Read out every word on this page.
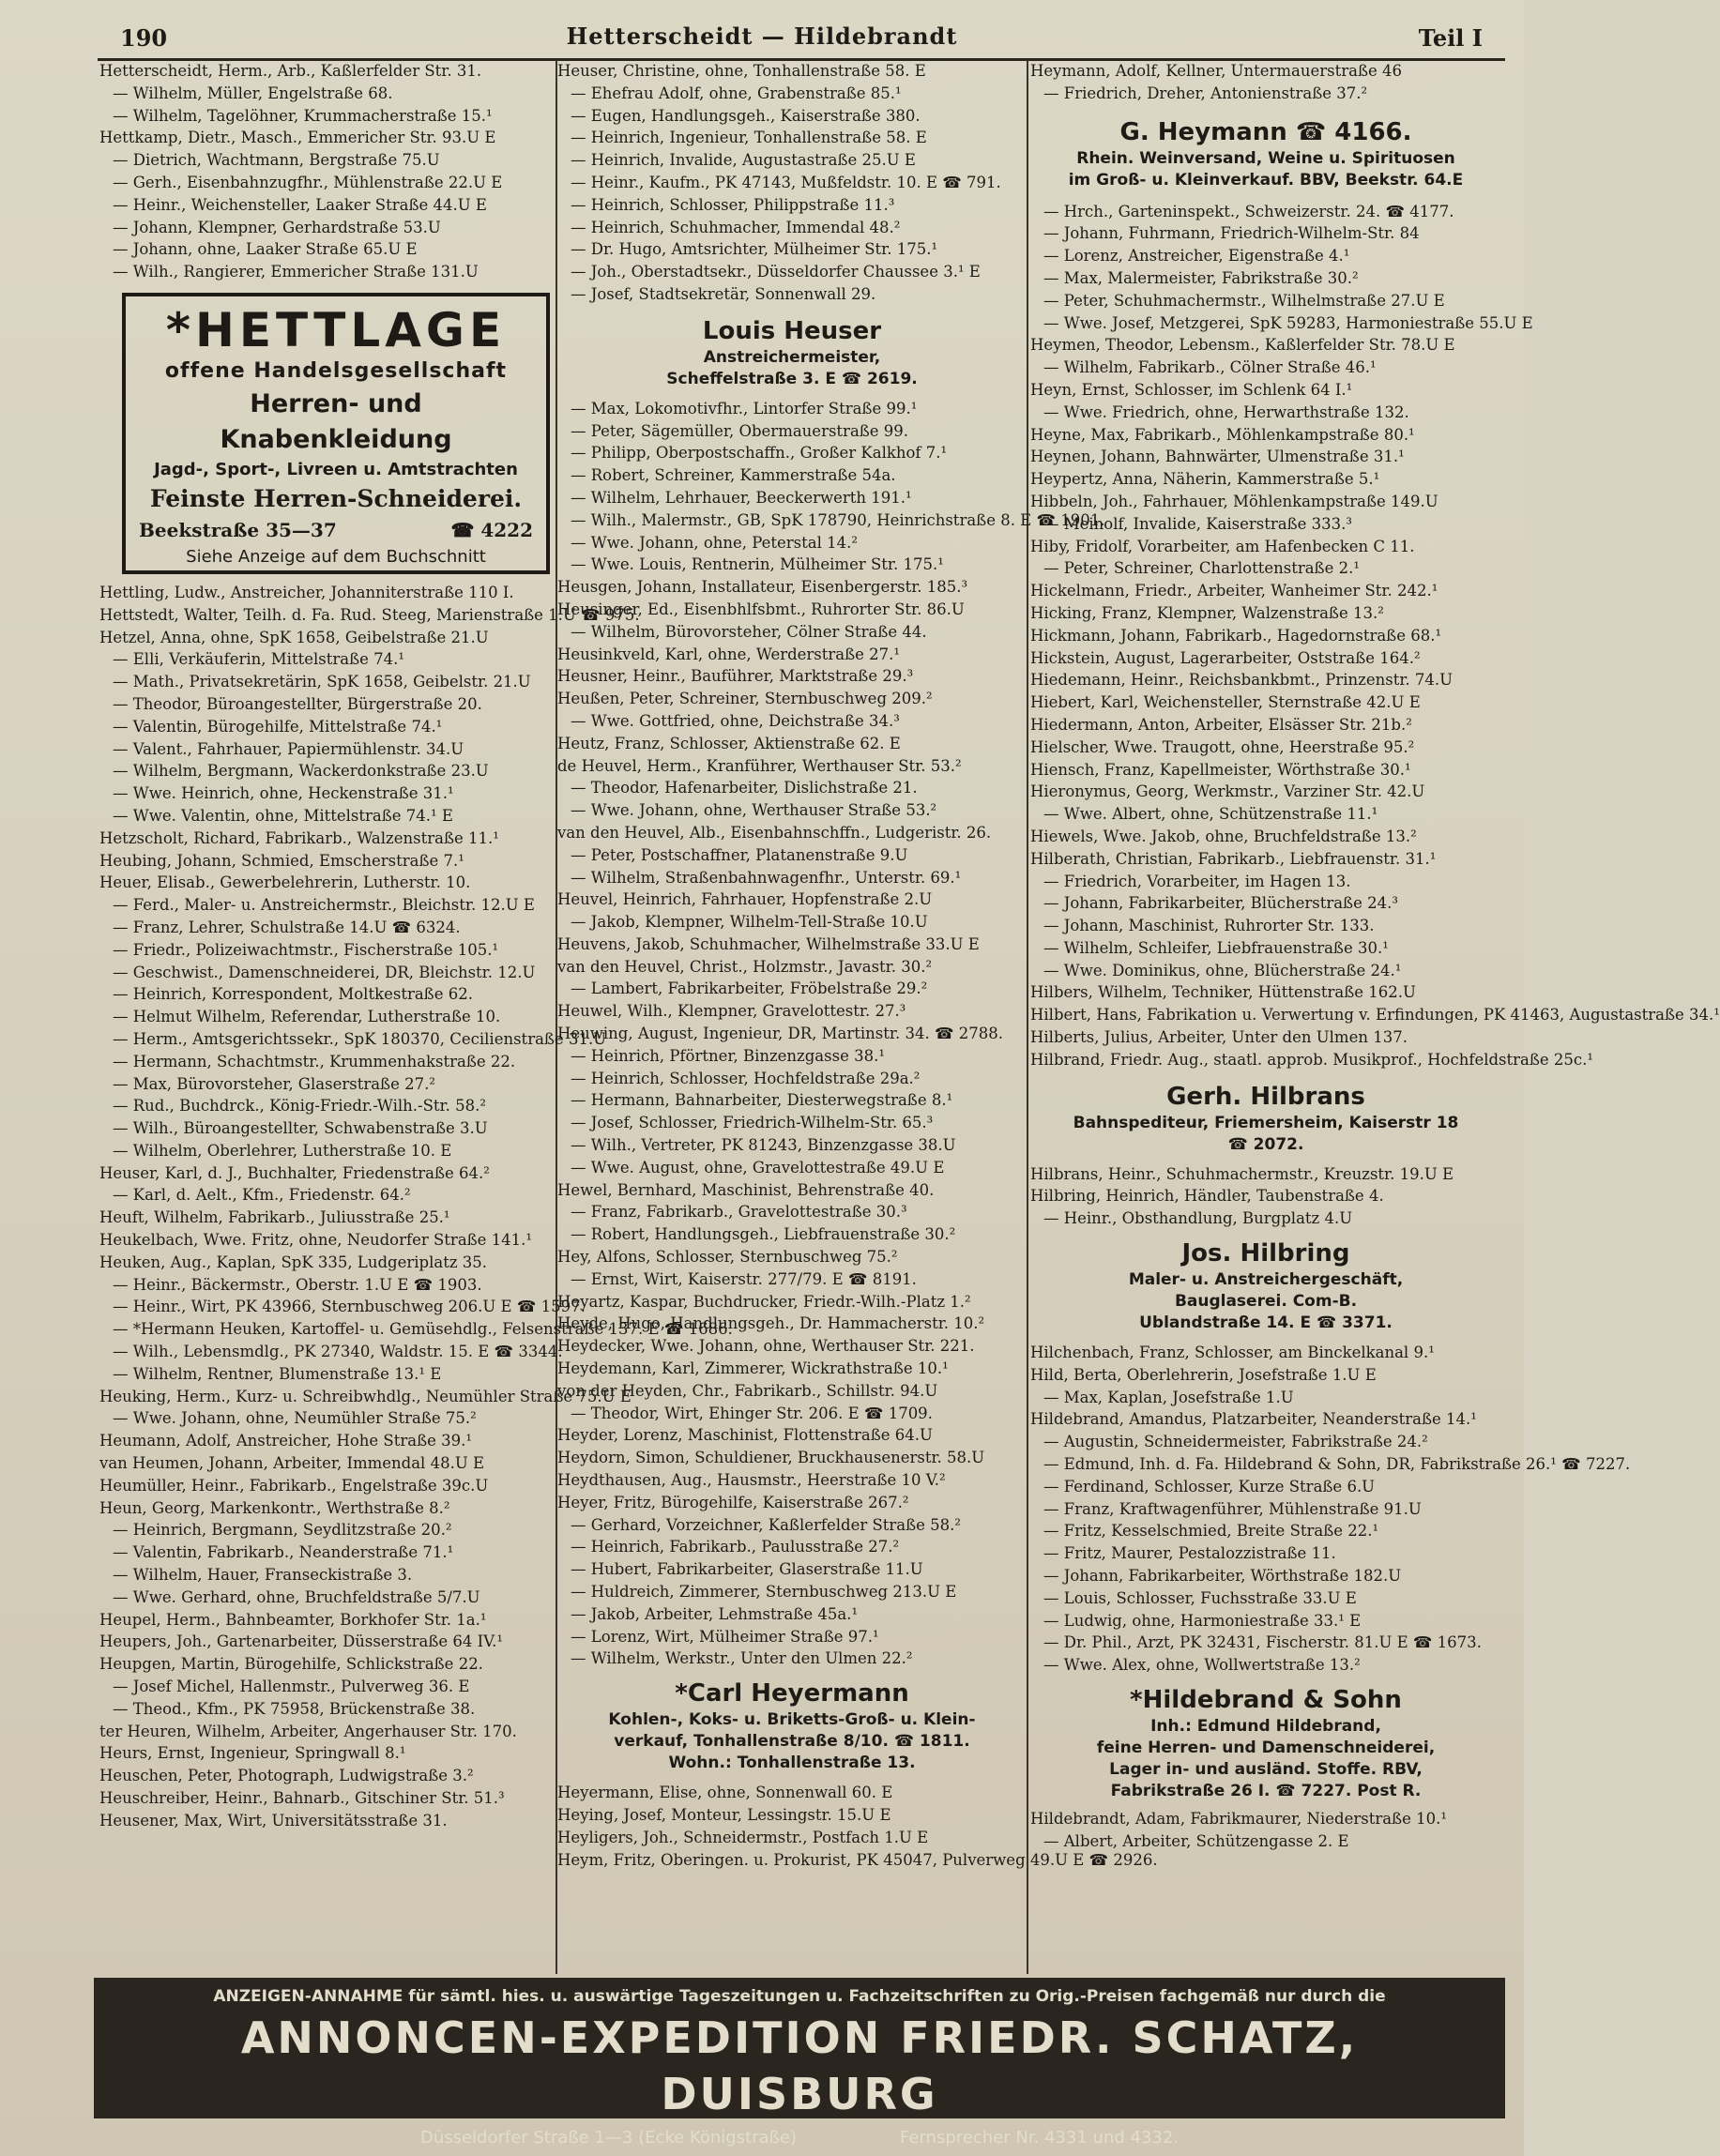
190	Hetterscheidt — Hildebrandt	Teil I
Hetterscheidt, Herm., Arb., Kaßlerfelder Str. 31.
— Wilhelm, Müller, Engelstraße 68.
— Wilhelm, Tagelöhner, Krummacherstraße 15.¹
Hettkamp, Dietr., Masch., Emmericher Str. 93.U E
— Dietrich, Wachtmann, Bergstraße 75.U
— Gerh., Eisenbahnzugfhr., Mühlenstraße 22.U E
— Heinr., Weichensteller, Laaker Straße 44.U E
— Johann, Klempner, Gerhardstraße 53.U
— Johann, ohne, Laaker Straße 65.U E
— Wilh., Rangierer, Emmericher Straße 131.U
*HETTLAGE
offene Handelsgesellschaft
Herren- und Knabenkleidung
Jagd-, Sport-, Livreen u. Amtstrachten
Feinste Herren-Schneiderei.
Beekstraße 35—37	☎ 4222
Siehe Anzeige auf dem Buchschnitt
Hettling, Ludw., Anstreicher, Johanniterstraße 110 I.
Hettstedt, Walter, Teilh. d. Fa. Rud. Steeg, Marienstraße 1.U ☎ 975.
Hetzel, Anna, ohne, SpK 1658, Geibelstraße 21.U
— Elli, Verkäuferin, Mittelstraße 74.¹
— Math., Privatsekretärin, SpK 1658, Geibelstr. 21.U
— Theodor, Büroangestellter, Bürgerstraße 20.
— Valentin, Bürogehilfe, Mittelstraße 74.¹
— Valent., Fahrhauer, Papiermühlenstr. 34.U
— Wilhelm, Bergmann, Wackerdonkstraße 23.U
— Wwe. Heinrich, ohne, Heckenstraße 31.¹
— Wwe. Valentin, ohne, Mittelstraße 74.¹ E
Hetzscholt, Richard, Fabrikarb., Walzenstraße 11.¹
Heubing, Johann, Schmied, Emscherstraße 7.¹
Heuer, Elisab., Gewerbelehrerin, Lutherstr. 10.
— Ferd., Maler- u. Anstreichermstr., Bleichstr. 12.U E
— Franz, Lehrer, Schulstraße 14.U ☎ 6324.
— Friedr., Polizeiwachtmstr., Fischerstraße 105.¹
— Geschwist., Damenschneiderei, DR, Bleichstr. 12.U
— Heinrich, Korrespondent, Moltkestraße 62.
— Helmut Wilhelm, Referendar, Lutherstraße 10.
— Herm., Amtsgerichtssekr., SpK 180370, Cecilienstraße 31.U
— Hermann, Schachtmstr., Krummenhakstraße 22.
— Max, Bürovorsteher, Glaserstraße 27.²
— Rud., Buchdrck., König-Friedr.-Wilh.-Str. 58.²
— Wilh., Büroangestellter, Schwabenstraße 3.U
— Wilhelm, Oberlehrer, Lutherstraße 10. E
Heuser, Karl, d. J., Buchhalter, Friedenstraße 64.²
— Karl, d. Aelt., Kfm., Friedenstr. 64.²
Heuft, Wilhelm, Fabrikarb., Juliusstraße 25.¹
Heukelbach, Wwe. Fritz, ohne, Neudorfer Straße 141.¹
Heuken, Aug., Kaplan, SpK 335, Ludgeriplatz 35.
— Heinr., Bäckermstr., Oberstr. 1.U E ☎ 1903.
— Heinr., Wirt, PK 43966, Sternbuschweg 206.U E ☎ 1597.
— *Hermann Heuken, Kartoffel- u. Gemüsehdlg., Felsenstraße 137. E ☎ 1686.
— Wilh., Lebensmdlg., PK 27340, Waldstr. 15. E ☎ 3344.
— Wilhelm, Rentner, Blumenstraße 13.¹ E
Heuking, Herm., Kurz- u. Schreibwhdlg., Neumühler Straße 75.U E
— Wwe. Johann, ohne, Neumühler Straße 75.²
Heumann, Adolf, Anstreicher, Hohe Straße 39.¹
van Heumen, Johann, Arbeiter, Immendal 48.U E
Heumüller, Heinr., Fabrikarb., Engelstraße 39c.U
Heun, Georg, Markenkontr., Werthstraße 8.²
— Heinrich, Bergmann, Seydlitzstraße 20.²
— Valentin, Fabrikarb., Neanderstraße 71.¹
— Wilhelm, Hauer, Franseckistraße 3.
— Wwe. Gerhard, ohne, Bruchfeldstraße 5/7.U
Heupel, Herm., Bahnbeamter, Borkhofer Str. 1a.¹
Heupers, Joh., Gartenarbeiter, Düsserstraße 64 IV.¹
Heupgen, Martin, Bürogehilfe, Schlickstraße 22.
— Josef Michel, Hallenmstr., Pulverweg 36. E
— Theod., Kfm., PK 75958, Brückenstraße 38.
ter Heuren, Wilhelm, Arbeiter, Angerhauser Str. 170.
Heurs, Ernst, Ingenieur, Springwall 8.¹
Heuschen, Peter, Photograph, Ludwigstraße 3.²
Heuschreiber, Heinr., Bahnarb., Gitschiner Str. 51.³
Heusener, Max, Wirt, Universitätsstraße 31.
Heuser, Christine, ohne, Tonhallenstraße 58. E
— Ehefrau Adolf, ohne, Grabenstraße 85.¹
— Eugen, Handlungsgeh., Kaiserstraße 380.
— Heinrich, Ingenieur, Tonhallenstraße 58. E
— Heinrich, Invalide, Augustastraße 25.U E
— Heinr., Kaufm., PK 47143, Mußfeldstr. 10. E ☎ 791.
— Heinrich, Schlosser, Philippstraße 11.³
— Heinrich, Schuhmacher, Immendal 48.²
— Dr. Hugo, Amtsrichter, Mülheimer Str. 175.¹
— Joh., Oberstadtsekr., Düsseldorfer Chaussee 3.¹ E
— Josef, Stadtsekretär, Sonnenwall 29.
Louis Heuser
Anstreichermeister,
Scheffelstraße 3. E ☎ 2619.
— Max, Lokomotivfhr., Lintorfer Straße 99.¹
— Peter, Sägemüller, Obermauerstraße 99.
— Philipp, Oberpostschaffn., Großer Kalkhof 7.¹
— Robert, Schreiner, Kammerstraße 54a.
— Wilhelm, Lehrhauer, Beeckerwerth 191.¹
— Wilh., Malermstr., GB, SpK 178790, Heinrichstraße 8. E ☎ 1901.
— Wwe. Johann, ohne, Peterstal 14.²
— Wwe. Louis, Rentnerin, Mülheimer Str. 175.¹
Heusgen, Johann, Installateur, Eisenbergerstr. 185.³
Heusinger, Ed., Eisenbhlfsbmt., Ruhrorter Str. 86.U
— Wilhelm, Bürovorsteher, Cölner Straße 44.
Heusinkveld, Karl, ohne, Werderstraße 27.¹
Heusner, Heinr., Bauführer, Marktstraße 29.³
Heußen, Peter, Schreiner, Sternbuschweg 209.²
— Wwe. Gottfried, ohne, Deichstraße 34.³
Heutz, Franz, Schlosser, Aktienstraße 62. E
de Heuvel, Herm., Kranführer, Werthauser Str. 53.²
— Theodor, Hafenarbeiter, Dislichstraße 21.
— Wwe. Johann, ohne, Werthauser Straße 53.²
van den Heuvel, Alb., Eisenbahnschffn., Ludgeristr. 26.
— Peter, Postschaffner, Platanenstraße 9.U
— Wilhelm, Straßenbahnwagenfhr., Unterstr. 69.¹
Heuvel, Heinrich, Fahrhauer, Hopfenstraße 2.U
— Jakob, Klempner, Wilhelm-Tell-Straße 10.U
Heuvens, Jakob, Schuhmacher, Wilhelmstraße 33.U E
van den Heuvel, Christ., Holzmstr., Javastr. 30.²
— Lambert, Fabrikarbeiter, Fröbelstraße 29.²
Heuwel, Wilh., Klempner, Gravelottestr. 27.³
Heuwing, August, Ingenieur, DR, Martinstr. 34. ☎ 2788.
— Heinrich, Pförtner, Binzenzgasse 38.¹
— Heinrich, Schlosser, Hochfeldstraße 29a.²
— Hermann, Bahnarbeiter, Diesterwegstraße 8.¹
— Josef, Schlosser, Friedrich-Wilhelm-Str. 65.³
— Wilh., Vertreter, PK 81243, Binzenzgasse 38.U
— Wwe. August, ohne, Gravelottestraße 49.U E
Hewel, Bernhard, Maschinist, Behrenstraße 40.
— Franz, Fabrikarb., Gravelottestraße 30.³
— Robert, Handlungsgeh., Liebfrauenstraße 30.²
Hey, Alfons, Schlosser, Sternbuschweg 75.²
— Ernst, Wirt, Kaiserstr. 277/79. E ☎ 8191.
Heyartz, Kaspar, Buchdrucker, Friedr.-Wilh.-Platz 1.²
Heyde, Hugo, Handlungsgeh., Dr. Hammacherstr. 10.²
Heydecker, Wwe. Johann, ohne, Werthauser Str. 221.
Heydemann, Karl, Zimmerer, Wickrathstraße 10.¹
von der Heyden, Chr., Fabrikarb., Schillstr. 94.U
— Theodor, Wirt, Ehinger Str. 206. E ☎ 1709.
Heyder, Lorenz, Maschinist, Flottenstraße 64.U
Heydorn, Simon, Schuldiener, Bruckhausenerstr. 58.U
Heydthausen, Aug., Hausmstr., Heerstraße 10 V.²
Heyer, Fritz, Bürogehilfe, Kaiserstraße 267.²
— Gerhard, Vorzeichner, Kaßlerfelder Straße 58.²
— Heinrich, Fabrikarb., Paulusstraße 27.²
— Hubert, Fabrikarbeiter, Glaserstraße 11.U
— Huldreich, Zimmerer, Sternbuschweg 213.U E
— Jakob, Arbeiter, Lehmstraße 45a.¹
— Lorenz, Wirt, Mülheimer Straße 97.¹
— Wilhelm, Werkstr., Unter den Ulmen 22.²
*Carl Heyermann
Kohlen-, Koks- u. Briketts-Groß- u. Klein-
verkauf, Tonhallenstraße 8/10. ☎ 1811.
Wohn.: Tonhallenstraße 13.
Heyermann, Elise, ohne, Sonnenwall 60. E
Heying, Josef, Monteur, Lessingstr. 15.U E
Heyligers, Joh., Schneidermstr., Postfach 1.U E
Heym, Fritz, Oberingen. u. Prokurist, PK 45047, Pulverweg 49.U E ☎ 2926.
Heymann, Adolf, Kellner, Untermauerstraße 46
— Friedrich, Dreher, Antonienstraße 37.²
G. Heymann ☎ 4166.
Rhein. Weinversand, Weine u. Spirituosen
im Groß- u. Kleinverkauf. BBV, Beekstr. 64.E
— Hrch., Garteninspekt., Schweizerstr. 24. ☎ 4177.
— Johann, Fuhrmann, Friedrich-Wilhelm-Str. 84
— Lorenz, Anstreicher, Eigenstraße 4.¹
— Max, Malermeister, Fabrikstraße 30.²
— Peter, Schuhmachermstr., Wilhelmstraße 27.U E
— Wwe. Josef, Metzgerei, SpK 59283, Harmoniestraße 55.U E
Heymen, Theodor, Lebensm., Kaßlerfelder Str. 78.U E
— Wilhelm, Fabrikarb., Cölner Straße 46.¹
Heyn, Ernst, Schlosser, im Schlenk 64 I.¹
— Wwe. Friedrich, ohne, Herwarthstraße 132.
Heyne, Max, Fabrikarb., Möhlenkampstraße 80.¹
Heynen, Johann, Bahnwärter, Ulmenstraße 31.¹
Heypertz, Anna, Näherin, Kammerstraße 5.¹
Hibbeln, Joh., Fahrhauer, Möhlenkampstraße 149.U
— Meinolf, Invalide, Kaiserstraße 333.³
Hiby, Fridolf, Vorarbeiter, am Hafenbecken C 11.
— Peter, Schreiner, Charlottenstraße 2.¹
Hickelmann, Friedr., Arbeiter, Wanheimer Str. 242.¹
Hicking, Franz, Klempner, Walzenstraße 13.²
Hickmann, Johann, Fabrikarb., Hagedornstraße 68.¹
Hickstein, August, Lagerarbeiter, Oststraße 164.²
Hiedemann, Heinr., Reichsbankbmt., Prinzenstr. 74.U
Hiebert, Karl, Weichensteller, Sternstraße 42.U E
Hiedermann, Anton, Arbeiter, Elsässer Str. 21b.²
Hielscher, Wwe. Traugott, ohne, Heerstraße 95.²
Hiensch, Franz, Kapellmeister, Wörthstraße 30.¹
Hieronymus, Georg, Werkmstr., Varziner Str. 42.U
— Wwe. Albert, ohne, Schützenstraße 11.¹
Hiewels, Wwe. Jakob, ohne, Bruchfeldstraße 13.²
Hilberath, Christian, Fabrikarb., Liebfrauenstr. 31.¹
— Friedrich, Vorarbeiter, im Hagen 13.
— Johann, Fabrikarbeiter, Blücherstraße 24.³
— Johann, Maschinist, Ruhrorter Str. 133.
— Wilhelm, Schleifer, Liebfrauenstraße 30.¹
— Wwe. Dominikus, ohne, Blücherstraße 24.¹
Hilbers, Wilhelm, Techniker, Hüttenstraße 162.U
Hilbert, Hans, Fabrikation u. Verwertung v. Erfindungen, PK 41463, Augustastraße 34.¹
Hilberts, Julius, Arbeiter, Unter den Ulmen 137.
Hilbrand, Friedr. Aug., staatl. approb. Musikprof., Hochfeldstraße 25c.¹
Gerh. Hilbrans
Bahnspediteur, Friemersheim, Kaiserstr 18
☎ 2072.
Hilbrans, Heinr., Schuhmachermstr., Kreuzstr. 19.U E
Hilbring, Heinrich, Händler, Taubenstraße 4.
— Heinr., Obsthandlung, Burgplatz 4.U
Jos. Hilbring
Maler- u. Anstreichergeschäft,
Bauglaserei. Com-B.
Ublandstraße 14. E ☎ 3371.
Hilchenbach, Franz, Schlosser, am Binckelkanal 9.¹
Hild, Berta, Oberlehrerin, Josefstraße 1.U E
— Max, Kaplan, Josefstraße 1.U
Hildebrand, Amandus, Platzarbeiter, Neanderstraße 14.¹
— Augustin, Schneidermeister, Fabrikstraße 24.²
— Edmund, Inh. d. Fa. Hildebrand & Sohn, DR, Fabrikstraße 26.¹ ☎ 7227.
— Ferdinand, Schlosser, Kurze Straße 6.U
— Franz, Kraftwagenführer, Mühlenstraße 91.U
— Fritz, Kesselschmied, Breite Straße 22.¹
— Fritz, Maurer, Pestalozzistraße 11.
— Johann, Fabrikarbeiter, Wörthstraße 182.U
— Louis, Schlosser, Fuchsstraße 33.U E
— Ludwig, ohne, Harmoniestraße 33.¹ E
— Dr. Phil., Arzt, PK 32431, Fischerstr. 81.U E ☎ 1673.
— Wwe. Alex, ohne, Wollwertstraße 13.²
*Hildebrand & Sohn
Inh.: Edmund Hildebrand,
feine Herren- und Damenschneiderei,
Lager in- und ausländ. Stoffe. RBV,
Fabrikstraße 26 I. ☎ 7227. Post R.
Hildebrandt, Adam, Fabrikmaurer, Niederstraße 10.¹
— Albert, Arbeiter, Schützengasse 2. E
ANZEIGEN-ANNAHME für sämtl. hies. u. auswärtige Tageszeitungen u. Fachzeitschriften zu Orig.-Preisen fachgemäß nur durch die
ANNONCEN-EXPEDITION FRIEDR. SCHATZ, DUISBURG
Düsseldorfer Straße 1—3 (Ecke Königstraße)	Fernsprecher Nr. 4331 und 4332.
